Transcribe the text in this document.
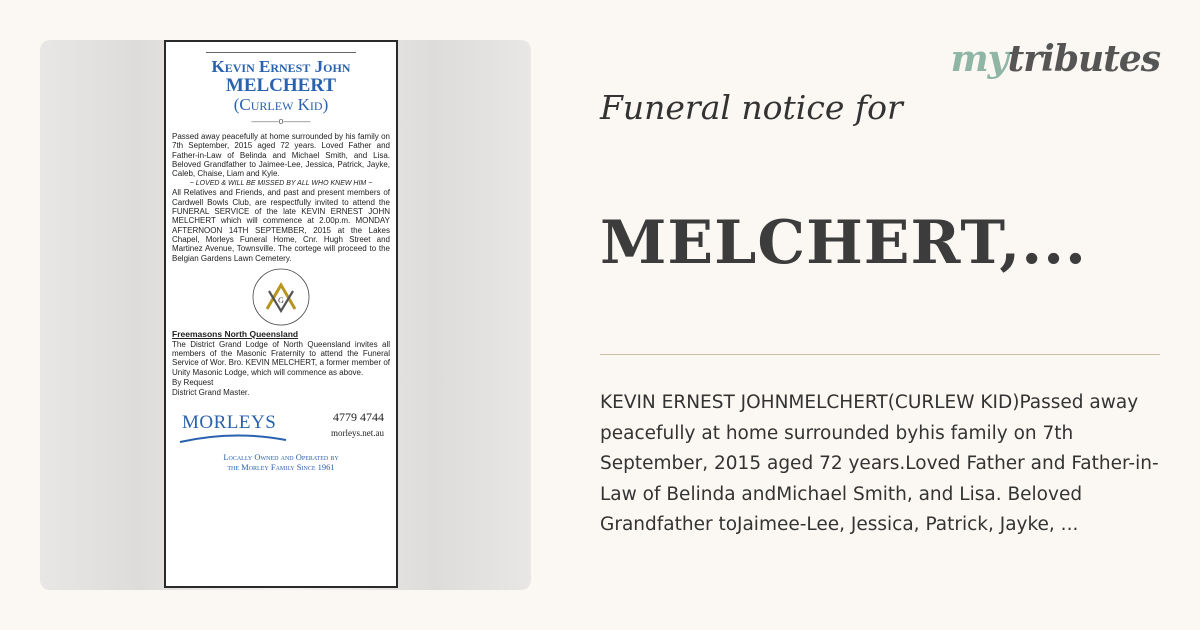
Kevin Ernest John
MELCHERT
(Curlew Kid)
———o———

Passed away peacefully at home surrounded by his family on 7th September, 2015 aged 72 years. Loved Father and Father-in-Law of Belinda and Michael Smith, and Lisa. Beloved Grandfather to Jaimee-Lee, Jessica, Patrick, Jayke, Caleb, Chaise, Liam and Kyle.

~ LOVED & WILL BE MISSED BY ALL WHO KNEW HIM ~

All Relatives and Friends, and past and present members of Cardwell Bowls Club, are respectfully invited to attend the FUNERAL SERVICE of the late KEVIN ERNEST JOHN MELCHERT which will commence at 2.00p.m. MONDAY AFTERNOON 14TH SEPTEMBER, 2015 at the Lakes Chapel, Morleys Funeral Home, Cnr. Hugh Street and Martinez Avenue, Townsville. The cortege will proceed to the Belgian Gardens Lawn Cemetery.

G
Freemasons North Queensland

The District Grand Lodge of North Queensland invites all members of the Masonic Fraternity to attend the Funeral Service of Wor. Bro. KEVIN MELCHERT, a former member of Unity Masonic Lodge, which will commence as above.

By Request
District Grand Master.
MORLEYS	4779 4744
morleys.net.au
Locally Owned and Operated by
the Morley Family Since 1961
mytributes
Funeral notice for
MELCHERT,...

KEVIN ERNEST JOHNMELCHERT(CURLEW KID)Passed away peacefully at home surrounded byhis family on 7th September, 2015 aged 72 years.Loved Father and Father-in-Law of Belinda andMichael Smith, and Lisa. Beloved Grandfather toJaimee-Lee, Jessica, Patrick, Jayke, ...
